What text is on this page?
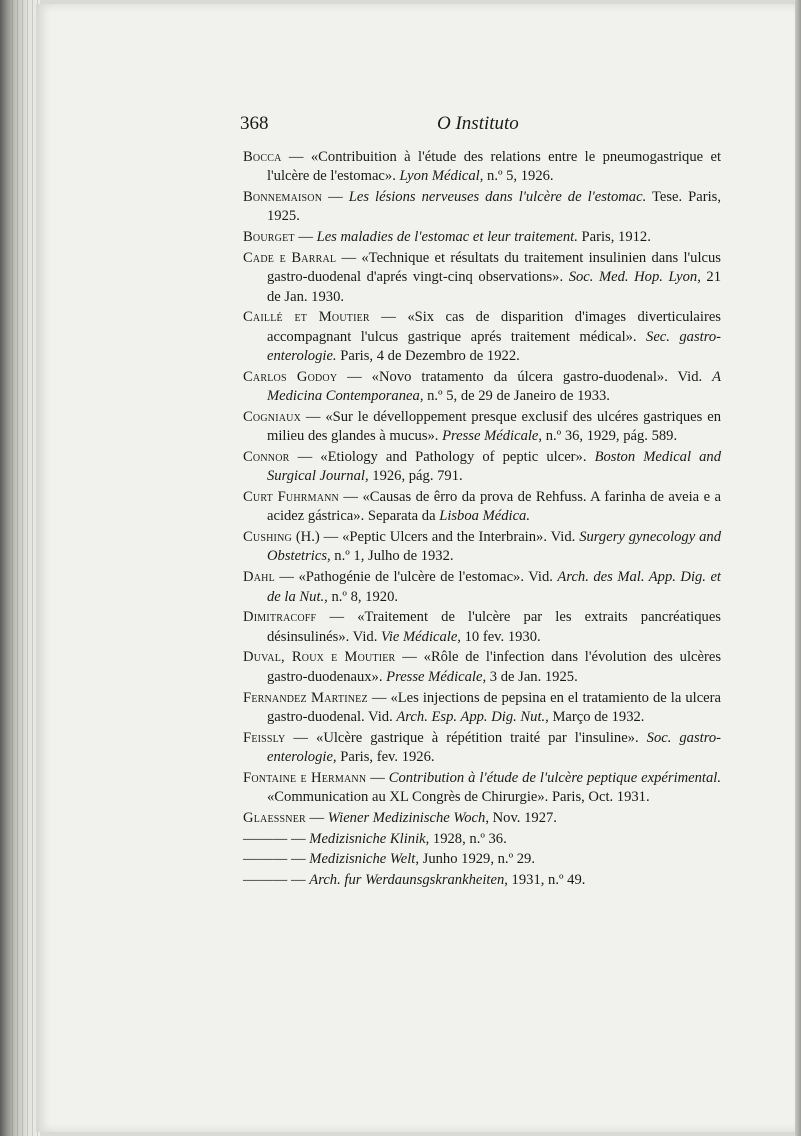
368	O Instituto

Bocca — «Contribuition à l'étude des relations entre le pneumogastrique et l'ulcère de l'estomac». Lyon Médical, n.º 5, 1926.

Bonnemaison — Les lésions nerveuses dans l'ulcère de l'estomac. Tese. Paris, 1925.

Bourget — Les maladies de l'estomac et leur traitement. Paris, 1912.

Cade e Barral — «Technique et résultats du traitement insulinien dans l'ulcus gastro-duodenal d'aprés vingt-cinq observations». Soc. Med. Hop. Lyon, 21 de Jan. 1930.

Caillé et Moutier — «Six cas de disparition d'images diverticulaires accompagnant l'ulcus gastrique aprés traitement médical». Sec. gastro-enterologie. Paris, 4 de Dezembro de 1922.

Carlos Godoy — «Novo tratamento da úlcera gastro-duodenal». Vid. A Medicina Contemporanea, n.º 5, de 29 de Janeiro de 1933.

Cogniaux — «Sur le dévelloppement presque exclusif des ulcéres gastriques en milieu des glandes à mucus». Presse Médicale, n.º 36, 1929, pág. 589.

Connor — «Etiology and Pathology of peptic ulcer». Boston Medical and Surgical Journal, 1926, pág. 791.

Curt Fuhrmann — «Causas de êrro da prova de Rehfuss. A farinha de aveia e a acidez gástrica». Separata da Lisboa Médica.

Cushing (H.) — «Peptic Ulcers and the Interbrain». Vid. Surgery gynecology and Obstetrics, n.º 1, Julho de 1932.

Dahl — «Pathogénie de l'ulcère de l'estomac». Vid. Arch. des Mal. App. Dig. et de la Nut., n.º 8, 1920.

Dimitracoff — «Traitement de l'ulcère par les extraits pancréatiques désinsulinés». Vid. Vie Médicale, 10 fev. 1930.

Duval, Roux e Moutier — «Rôle de l'infection dans l'évolution des ulcères gastro-duodenaux». Presse Médicale, 3 de Jan. 1925.

Fernandez Martinez — «Les injections de pepsina en el tratamiento de la ulcera gastro-duodenal. Vid. Arch. Esp. App. Dig. Nut., Março de 1932.

Feissly — «Ulcère gastrique à répétition traité par l'insuline». Soc. gastro-enterologie, Paris, fev. 1926.

Fontaine e Hermann — Contribution à l'étude de l'ulcère peptique expérimental. «Communication au XL Congrès de Chirurgie». Paris, Oct. 1931.

Glaessner — Wiener Medizinische Woch, Nov. 1927.

——— — Medizisniche Klinik, 1928, n.º 36.

——— — Medizisniche Welt, Junho 1929, n.º 29.

——— — Arch. fur Werdaunsgskrankheiten, 1931, n.º 49.
